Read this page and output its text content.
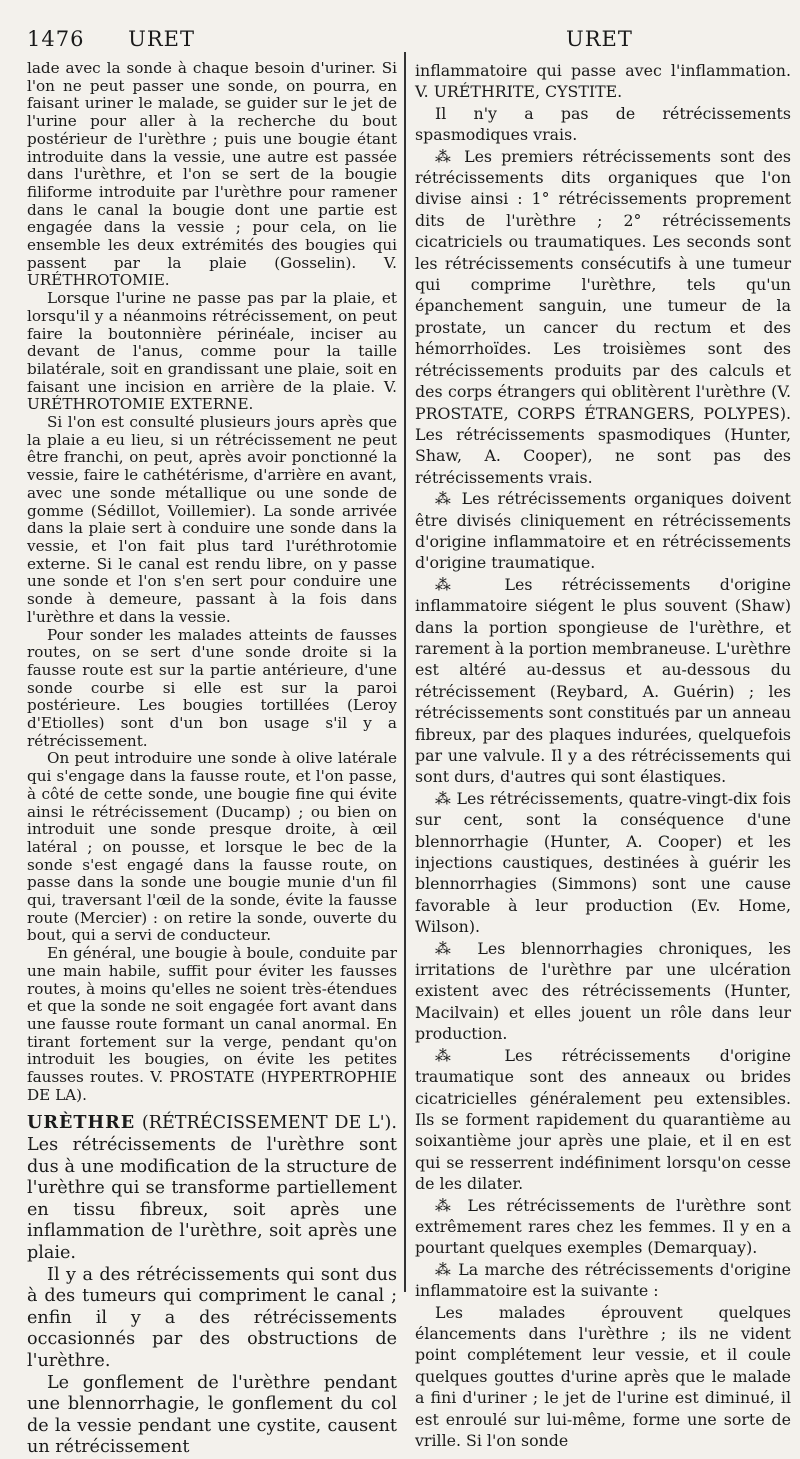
1476 URET	URET

lade avec la sonde à chaque besoin d'uriner. Si l'on ne peut passer une sonde, on pourra, en faisant uriner le malade, se guider sur le jet de l'urine pour aller à la recherche du bout postérieur de l'urèthre ; puis une bougie étant introduite dans la vessie, une autre est passée dans l'urèthre, et l'on se sert de la bougie filiforme introduite par l'urèthre pour ramener dans le canal la bougie dont une partie est engagée dans la vessie ; pour cela, on lie ensemble les deux extrémités des bougies qui passent par la plaie (Gosselin). V. URÉTHROTOMIE.

Lorsque l'urine ne passe pas par la plaie, et lorsqu'il y a néanmoins rétrécissement, on peut faire la boutonnière périnéale, inciser au devant de l'anus, comme pour la taille bilatérale, soit en grandissant une plaie, soit en faisant une incision en arrière de la plaie. V. URÉTHROTOMIE EXTERNE.

Si l'on est consulté plusieurs jours après que la plaie a eu lieu, si un rétrécissement ne peut être franchi, on peut, après avoir ponctionné la vessie, faire le cathétérisme, d'arrière en avant, avec une sonde métallique ou une sonde de gomme (Sédillot, Voillemier). La sonde arrivée dans la plaie sert à conduire une sonde dans la vessie, et l'on fait plus tard l'uréthrotomie externe. Si le canal est rendu libre, on y passe une sonde et l'on s'en sert pour conduire une sonde à demeure, passant à la fois dans l'urèthre et dans la vessie.

Pour sonder les malades atteints de fausses routes, on se sert d'une sonde droite si la fausse route est sur la partie antérieure, d'une sonde courbe si elle est sur la paroi postérieure. Les bougies tortillées (Leroy d'Etiolles) sont d'un bon usage s'il y a rétrécissement.

On peut introduire une sonde à olive latérale qui s'engage dans la fausse route, et l'on passe, à côté de cette sonde, une bougie fine qui évite ainsi le rétrécissement (Ducamp) ; ou bien on introduit une sonde presque droite, à œil latéral ; on pousse, et lorsque le bec de la sonde s'est engagé dans la fausse route, on passe dans la sonde une bougie munie d'un fil qui, traversant l'œil de la sonde, évite la fausse route (Mercier) : on retire la sonde, ouverte du bout, qui a servi de conducteur.

En général, une bougie à boule, conduite par une main habile, suffit pour éviter les fausses routes, à moins qu'elles ne soient très-étendues et que la sonde ne soit engagée fort avant dans une fausse route formant un canal anormal. En tirant fortement sur la verge, pendant qu'on introduit les bougies, on évite les petites fausses routes. V. PROSTATE (HYPERTROPHIE DE LA).

URÈTHRE (RÉTRÉCISSEMENT DE L'). Les rétrécissements de l'urèthre sont dus à une modification de la structure de l'urèthre qui se transforme partiellement en tissu fibreux, soit après une inflammation de l'urèthre, soit après une plaie.

Il y a des rétrécissements qui sont dus à des tumeurs qui compriment le canal ; enfin il y a des rétrécissements occasionnés par des obstructions de l'urèthre.

Le gonflement de l'urèthre pendant une blennorrhagie, le gonflement du col de la vessie pendant une cystite, causent un rétrécissement

inflammatoire qui passe avec l'inflammation. V. URÉTHRITE, CYSTITE.

Il n'y a pas de rétrécissements spasmodiques vrais.

⁂ Les premiers rétrécissements sont des rétrécissements dits organiques que l'on divise ainsi : 1° rétrécissements proprement dits de l'urèthre ; 2° rétrécissements cicatriciels ou traumatiques. Les seconds sont les rétrécissements consécutifs à une tumeur qui comprime l'urèthre, tels qu'un épanchement sanguin, une tumeur de la prostate, un cancer du rectum et des hémorrhoïdes. Les troisièmes sont des rétrécissements produits par des calculs et des corps étrangers qui oblitèrent l'urèthre (V. PROSTATE, CORPS ÉTRANGERS, POLYPES). Les rétrécissements spasmodiques (Hunter, Shaw, A. Cooper), ne sont pas des rétrécissements vrais.

⁂ Les rétrécissements organiques doivent être divisés cliniquement en rétrécissements d'origine inflammatoire et en rétrécissements d'origine traumatique.

⁂ Les rétrécissements d'origine inflammatoire siégent le plus souvent (Shaw) dans la portion spongieuse de l'urèthre, et rarement à la portion membraneuse. L'urèthre est altéré au-dessus et au-dessous du rétrécissement (Reybard, A. Guérin) ; les rétrécissements sont constitués par un anneau fibreux, par des plaques indurées, quelquefois par une valvule. Il y a des rétrécissements qui sont durs, d'autres qui sont élastiques.

⁂ Les rétrécissements, quatre-vingt-dix fois sur cent, sont la conséquence d'une blennorrhagie (Hunter, A. Cooper) et les injections caustiques, destinées à guérir les blennorrhagies (Simmons) sont une cause favorable à leur production (Ev. Home, Wilson).

⁂ Les blennorrhagies chroniques, les irritations de l'urèthre par une ulcération existent avec des rétrécissements (Hunter, Macilvain) et elles jouent un rôle dans leur production.

⁂ Les rétrécissements d'origine traumatique sont des anneaux ou brides cicatricielles généralement peu extensibles. Ils se forment rapidement du quarantième au soixantième jour après une plaie, et il en est qui se resserrent indéfiniment lorsqu'on cesse de les dilater.

⁂ Les rétrécissements de l'urèthre sont extrêmement rares chez les femmes. Il y en a pourtant quelques exemples (Demarquay).

⁂ La marche des rétrécissements d'origine inflammatoire est la suivante :

Les malades éprouvent quelques élancements dans l'urèthre ; ils ne vident point complétement leur vessie, et il coule quelques gouttes d'urine après que le malade a fini d'uriner ; le jet de l'urine est diminué, il est enroulé sur lui-même, forme une sorte de vrille. Si l'on sonde
